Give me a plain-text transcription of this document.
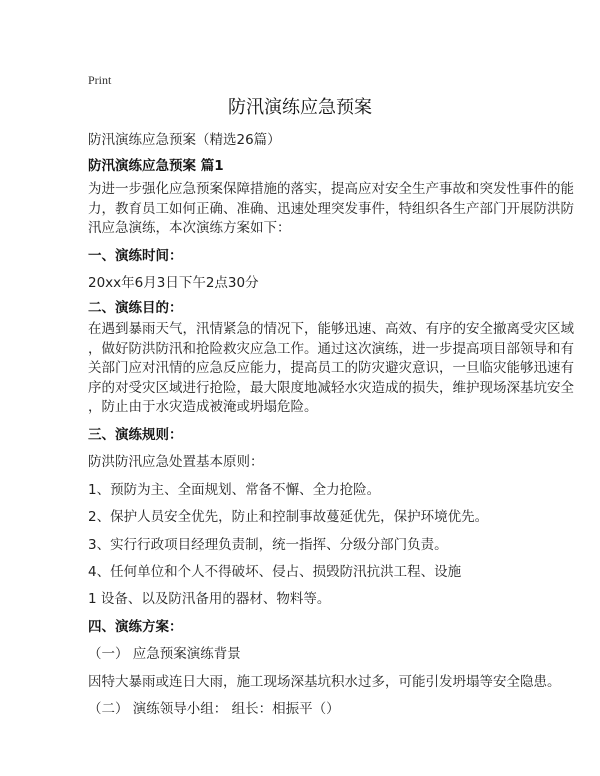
Print
防汛演练应急预案
防汛演练应急预案（精选26篇）
防汛演练应急预案 篇1
为进一步强化应急预案保障措施的落实，提高应对安全生产事故和突发性事件的能
力，教育员工如何正确、准确、迅速处理突发事件，特组织各生产部门开展防洪防
汛应急演练，本次演练方案如下：
一、演练时间：
20xx年6月3日下午2点30分
二、演练目的：
在遇到暴雨天气，汛情紧急的情况下，能够迅速、高效、有序的安全撤离受灾区域
，做好防洪防汛和抢险救灾应急工作。通过这次演练，进一步提高项目部领导和有
关部门应对汛情的应急反应能力，提高员工的防灾避灾意识，一旦临灾能够迅速有
序的对受灾区域进行抢险，最大限度地减轻水灾造成的损失，维护现场深基坑安全
，防止由于水灾造成被淹或坍塌危险。
三、演练规则：
防洪防汛应急处置基本原则：
1、预防为主、全面规划、常备不懈、全力抢险。
2、保护人员安全优先，防止和控制事故蔓延优先，保护环境优先。
3、实行行政项目经理负责制，统一指挥、分级分部门负责。
4、任何单位和个人不得破坏、侵占、损毁防汛抗洪工程、设施
1 设备、以及防汛备用的器材、物料等。
四、演练方案：
（一） 应急预案演练背景
因特大暴雨或连日大雨，施工现场深基坑积水过多，可能引发坍塌等安全隐患。
（二） 演练领导小组： 组长：相振平（）
